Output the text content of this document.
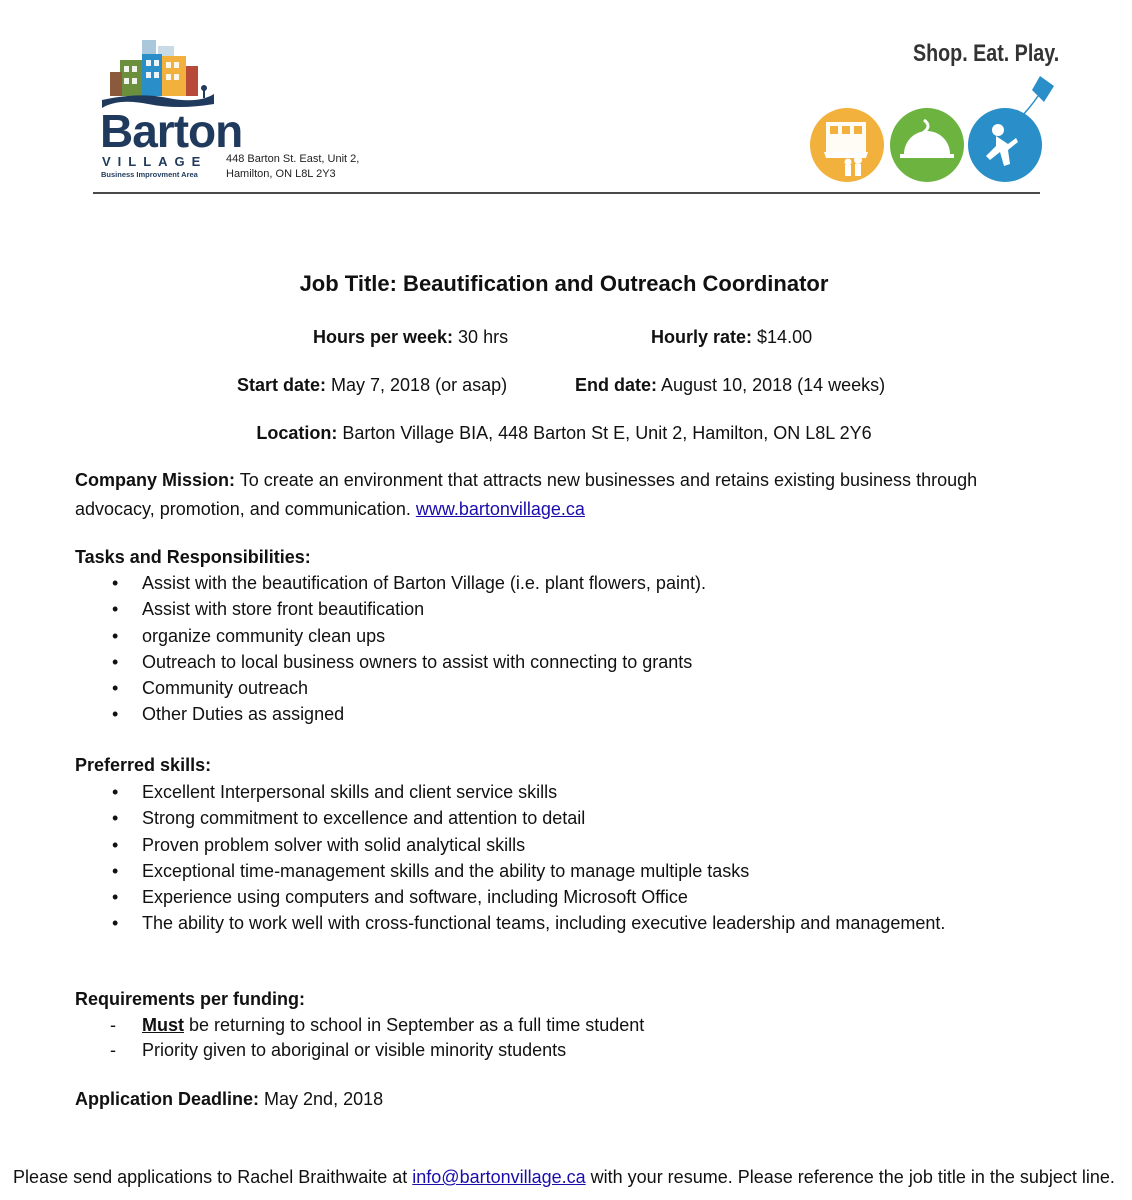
Barton
VILLAGE
Business Improvment Area
448 Barton St. East, Unit 2,
Hamilton, ON L8L 2Y3
Shop. Eat. Play.
Job Title: Beautification and Outreach Coordinator
Hours per week: 30 hrs	Hourly rate: $14.00
Start date: May 7, 2018 (or asap)	End date: August 10, 2018 (14 weeks)
Location: Barton Village BIA, 448 Barton St E, Unit 2, Hamilton, ON L8L 2Y6
Company Mission: To create an environment that attracts new businesses and retains existing business through advocacy, promotion, and communication. www.bartonvillage.ca
Tasks and Responsibilities:
• Assist with the beautification of Barton Village (i.e. plant flowers, paint).
• Assist with store front beautification
• organize community clean ups
• Outreach to local business owners to assist with connecting to grants
• Community outreach
• Other Duties as assigned
Preferred skills:
• Excellent Interpersonal skills and client service skills
• Strong commitment to excellence and attention to detail
• Proven problem solver with solid analytical skills
• Exceptional time-management skills and the ability to manage multiple tasks
• Experience using computers and software, including Microsoft Office
• The ability to work well with cross-functional teams, including executive leadership and management.
Requirements per funding:
- Must be returning to school in September as a full time student
- Priority given to aboriginal or visible minority students
Application Deadline: May 2nd, 2018
Please send applications to Rachel Braithwaite at info@bartonvillage.ca with your resume. Please reference the job title in the subject line.
